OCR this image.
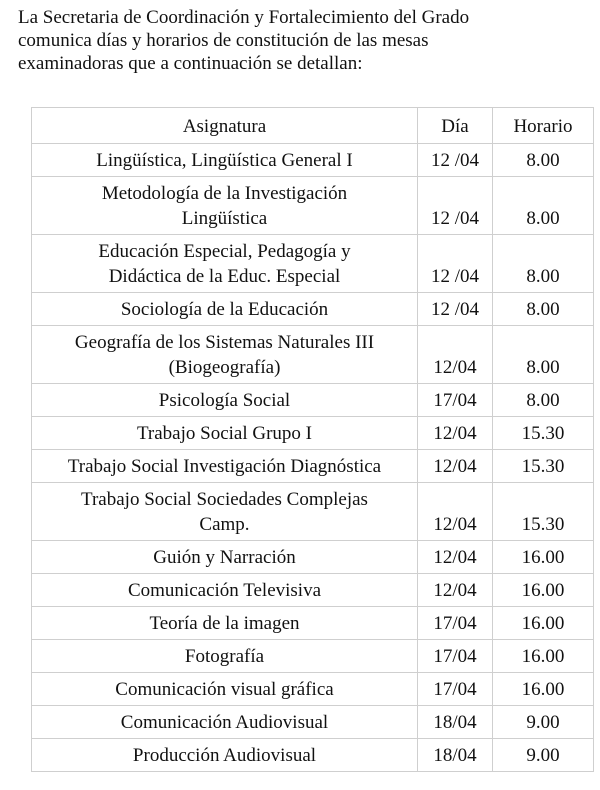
La Secretaria de Coordinación y Fortalecimiento del Grado
comunica días y horarios de constitución de las mesas
examinadoras que a continuación se detallan:

Asignatura	Día	Horario

Lingüística, Lingüística General I	12 /04	8.00

Metodología de la Investigación
Lingüística	12 /04	8.00

Educación Especial, Pedagogía y
Didáctica de la Educ. Especial	12 /04	8.00

Sociología de la Educación	12 /04	8.00

Geografía de los Sistemas Naturales III
(Biogeografía)	12/04	8.00

Psicología Social	17/04	8.00

Trabajo Social Grupo I	12/04	15.30

Trabajo Social Investigación Diagnóstica	12/04	15.30

Trabajo Social Sociedades Complejas
Camp.	12/04	15.30

Guión y Narración	12/04	16.00

Comunicación Televisiva	12/04	16.00

Teoría de la imagen	17/04	16.00

Fotografía	17/04	16.00

Comunicación visual gráfica	17/04	16.00

Comunicación Audiovisual	18/04	9.00

Producción Audiovisual	18/04	9.00
